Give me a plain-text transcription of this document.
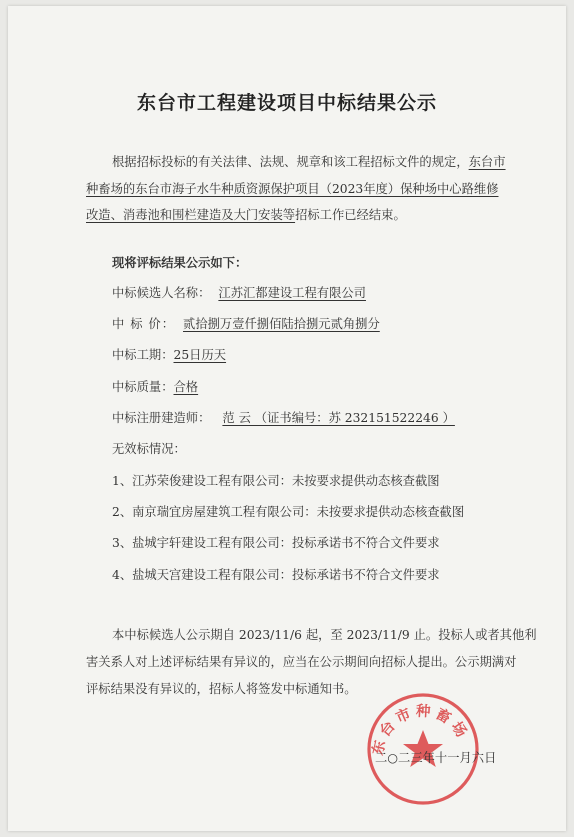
东台市工程建设项目中标结果公示
根据招标投标的有关法律、法规、规章和该工程招标文件的规定，东台市种畜场的东台市海子水牛种质资源保护项目（2023年度）保种场中心路维修改造、消毒池和围栏建造及大门安装等招标工作已经结束。
现将评标结果公示如下：
中标候选人名称： 江苏汇都建设工程有限公司
中 标 价： 贰拾捌万壹仟捌佰陆拾捌元贰角捌分
中标工期：25日历天
中标质量：合格
中标注册建造师： 范 云 （证书编号：苏 232151522246 ）
无效标情况：
1、江苏荣俊建设工程有限公司：未按要求提供动态核查截图
2、南京瑞宜房屋建筑工程有限公司：未按要求提供动态核查截图
3、盐城宇轩建设工程有限公司：投标承诺书不符合文件要求
4、盐城天宫建设工程有限公司：投标承诺书不符合文件要求
本中标候选人公示期自 2023/11/6 起，至 2023/11/9 止。投标人或者其他利
害关系人对上述评标结果有异议的，应当在公示期间向招标人提出。公示期满对
评标结果没有异议的，招标人将签发中标通知书。
东台市种畜场
二○二三年十一月六日
